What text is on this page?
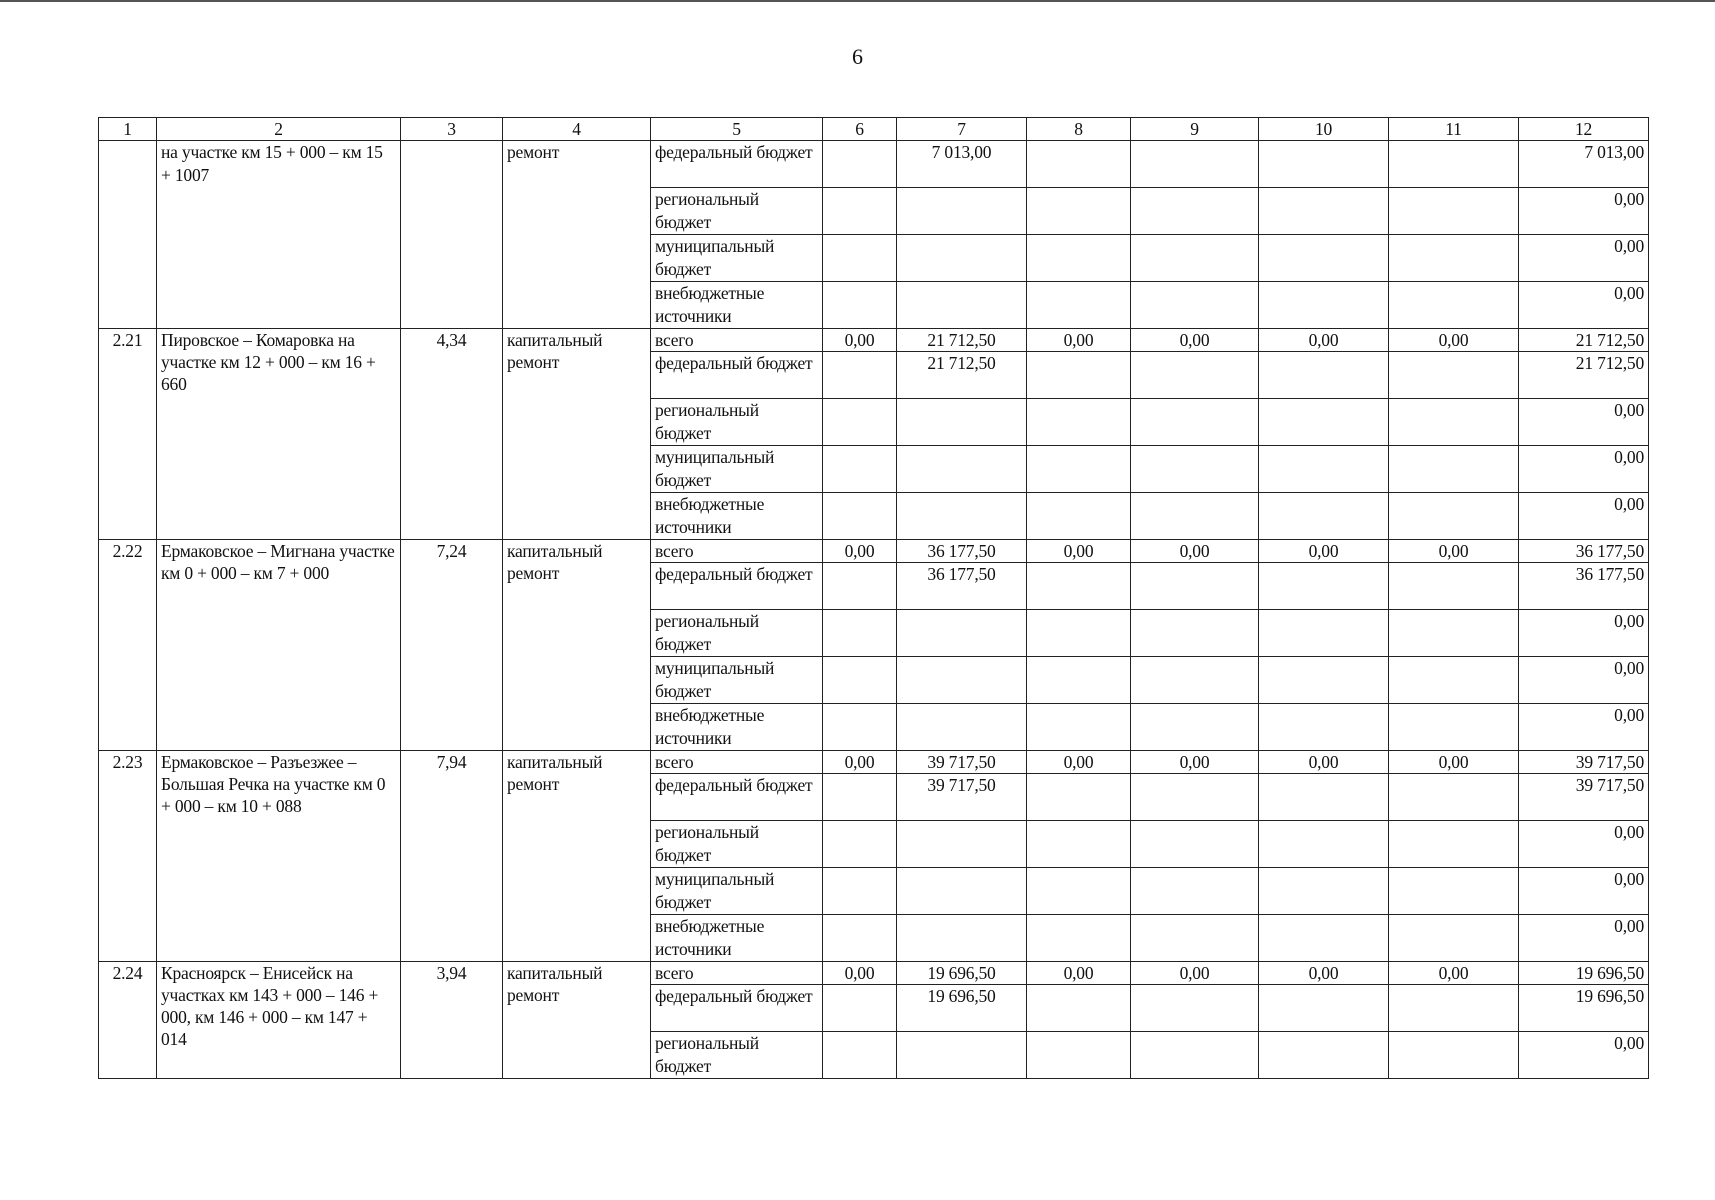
6
1	2	3	4	5	6	7	8	9	10	11	12
	на участке км 15 + 000 – км 15 + 1007		ремонт	федеральный бюджет		7 013,00					7 013,00
				региональный бюджет							0,00
				муниципальный бюджет							0,00
				внебюджетные источники							0,00
2.21	Пировское – Комаровка на участке км 12 + 000 – км 16 + 660	4,34	капитальный ремонт	всего	0,00	21 712,50	0,00	0,00	0,00	0,00	21 712,50
				федеральный бюджет		21 712,50					21 712,50
				региональный бюджет							0,00
				муниципальный бюджет							0,00
				внебюджетные источники							0,00
2.22	Ермаковское – Мигнана участке км 0 + 000 – км 7 + 000	7,24	капитальный ремонт	всего	0,00	36 177,50	0,00	0,00	0,00	0,00	36 177,50
				федеральный бюджет		36 177,50					36 177,50
				региональный бюджет							0,00
				муниципальный бюджет							0,00
				внебюджетные источники							0,00
2.23	Ермаковское – Разъезжее – Большая Речка на участке км 0 + 000 – км 10 + 088	7,94	капитальный ремонт	всего	0,00	39 717,50	0,00	0,00	0,00	0,00	39 717,50
				федеральный бюджет		39 717,50					39 717,50
				региональный бюджет							0,00
				муниципальный бюджет							0,00
				внебюджетные источники							0,00
2.24	Красноярск – Енисейск на участках км 143 + 000 – 146 + 000, км 146 + 000 – км 147 + 014	3,94	капитальный ремонт	всего	0,00	19 696,50	0,00	0,00	0,00	0,00	19 696,50
				федеральный бюджет		19 696,50					19 696,50
				региональный бюджет							0,00
